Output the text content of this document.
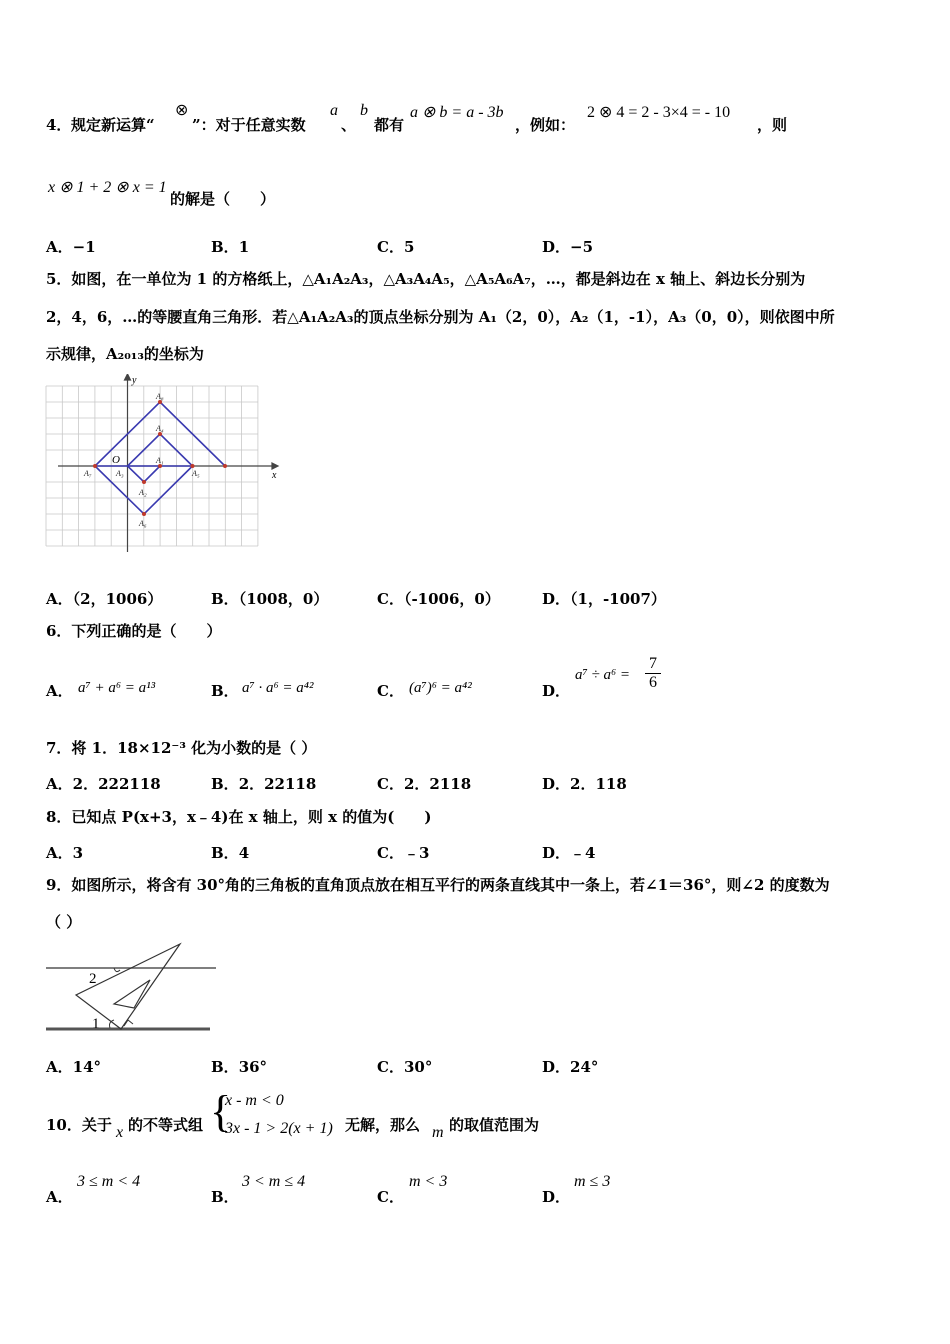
4． 规定新运算“
⊗
”：对于任意实数
a
、
b
都有
a ⊗ b = a - 3b
，例如：
2 ⊗ 4 = 2 - 3×4 = - 10
，则
x ⊗ 1 + 2 ⊗ x = 1
的解是（　　）
A．−1	B．1	C．5	D．−5
5．如图，在一单位为 1 的方格纸上，△A₁A₂A₃，△A₃A₄A₅，△A₅A₆A₇，…，都是斜边在 x 轴上、斜边长分别为
2，4，6，…的等腰直角三角形．若△A₁A₂A₃的顶点坐标分别为 A₁（2，0），A₂（1，-1），A₃（0，0），则依图中所
示规律，A₂₀₁₃的坐标为
x
y
O	A₁
A₂
A₃
A₄
A₅
A₆
A₇
A₈
A．（2，1006）	B．（1008，0）	C．（-1006，0）	D．（1，-1007）
6．下列正确的是（　　）
A． a⁷ + a⁶ = a¹³	B． a⁷ · a⁶ = a⁴²	C． (a⁷)⁶ = a⁴²	D．
$a^7 \div a^6 = \frac{7}{6}$
7．将 1．18×12⁻³ 化为小数的是（ ）
A．2．222118	B．2．22118	C．2．2118	D．2．118
8．已知点 P(x+3，x﹣4)在 x 轴上，则 x 的值为(　　)
A．3	B．4	C．﹣3	D．﹣4
9．如图所示，将含有 30°角的三角板的直角顶点放在相互平行的两条直线其中一条上，若∠1＝36°，则∠2 的度数为
（ ）
1
2
A．14°	B．36°	C．30°	D．24°
10．关于 x 的不等式组 {
x - m < 0
3x - 1 > 2(x + 1) 无解，那么 m 的取值范围为
A．
3 ≤ m < 4
B．
3 < m ≤ 4
C．
m < 3
D．
m ≤ 3
